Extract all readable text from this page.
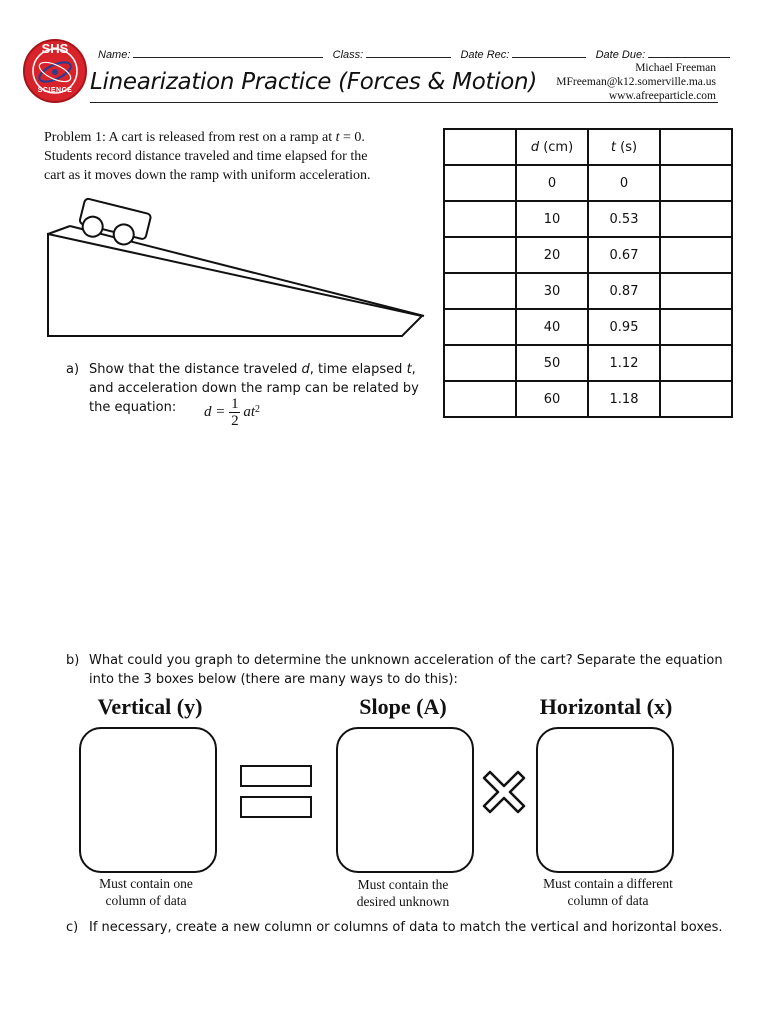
SHS
SCIENCE
Name:	Class:	Date Rec:	Date Due:
Linearization Practice (Forces & Motion)
Michael Freeman
MFreeman@k12.somerville.ma.us
www.afreeparticle.com
Problem 1: A cart is released from rest on a ramp at t = 0.
Students record distance traveled and time elapsed for the
cart as it moves down the ramp with uniform acceleration.
	d (cm)	t (s)	
	0	0	
	10	0.53	
	20	0.67	
	30	0.87	
	40	0.95	
	50	1.12	
	60	1.18	
a) Show that the distance traveled d, time elapsed t,
and acceleration down the ramp can be related by
the equation:	d = 1
2
$at^2$
b) What could you graph to determine the unknown acceleration of the cart? Separate the equation
into the 3 boxes below (there are many ways to do this):
Vertical (y)	Slope (A)	Horizontal (x)
Must contain one
column of data
Must contain the
desired unknown
Must contain a different
column of data
c) If necessary, create a new column or columns of data to match the vertical and horizontal boxes.
